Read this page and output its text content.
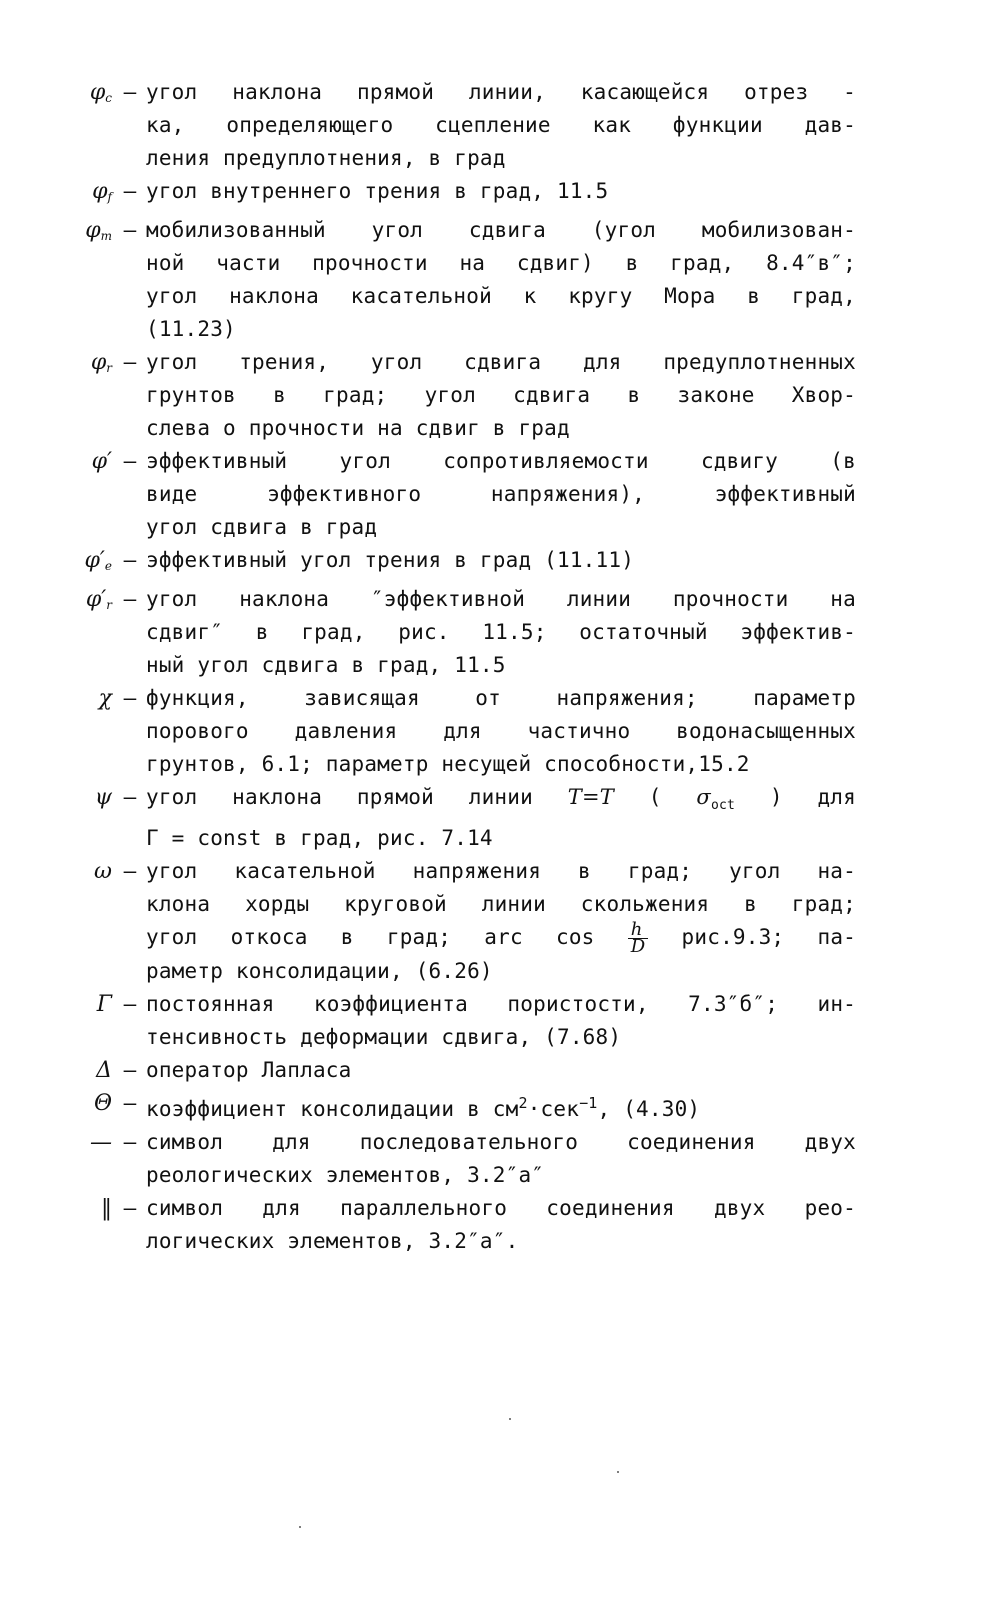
$\varphi_c$ – угол наклона прямой линии, касающейся отрез -
ка, определяющего сцепление как функции дав-
ления предуплотнения, в град
$\varphi_f$ – угол внутреннего трения в град, 11.5
$\varphi_m$ – мобилизованный угол сдвига (угол мобилизован-
ной части прочности на сдвиг) в град, 8.4″в″;
угол наклона касательной к кругу Мора в град,
(11.23)
$\varphi_r$ – угол трения, угол сдвига для предуплотненных
грунтов в град; угол сдвига в законе Хвор-
слева о прочности на сдвиг в град
φ′ – эффективный угол сопротивляемости сдвигу (в
виде эффективного напряжения), эффективный
угол сдвига в град
$\varphi'_e$ – эффективный угол трения в град (11.11)
$\varphi'_r$ – угол наклона ″эффективной линии прочности на
сдвиг″ в град, рис. 11.5; остаточный эффектив-
ный угол сдвига в град, 11.5
χ – функция, зависящая от напряжения; параметр
порового давления для частично водонасыщенных
грунтов, 6.1; параметр несущей способности,15.2
ψ – угол наклона прямой линии T=T ( $\sigma_{oct}$ ) для
Г = const в град, рис. 7.14
ω – угол касательной напряжения в град; угол на-
клона хорды круговой линии скольжения в град;
угол откоса в град; arc $\cos \frac{h}{D} рис.9.3$; па-
раметр консолидации, (6.26)
Γ – постоянная коэффициента пористости, 7.3″б″; ин-
тенсивность деформации сдвига, (7.68)
Δ – оператор Лапласа
Θ – коэффициент консолидации в $см^2\cdot сек^{-1}$, (4.30)
— – символ для последовательного соединения двух
реологических элементов, 3.2″а″
‖ – символ для параллельного соединения двух рео-
логических элементов, 3.2″а″.
